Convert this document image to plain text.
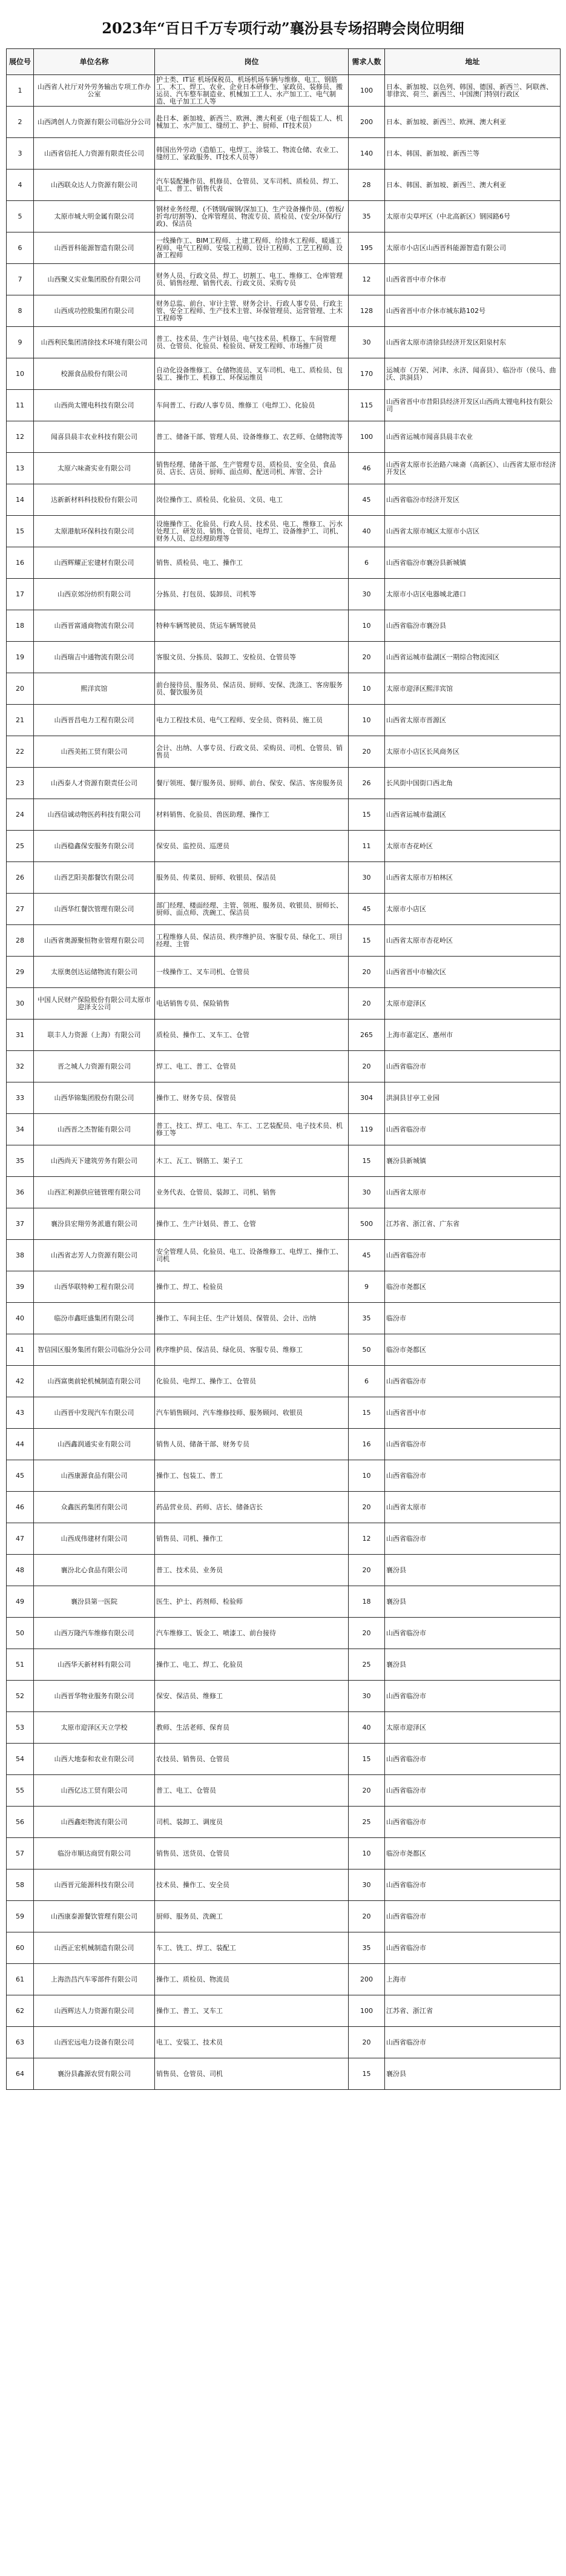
2023年“百日千万专项行动”襄汾县专场招聘会岗位明细
展位号	单位名称	岗位	需求人数	地址
1	山西省人社厅对外劳务输出专项工作办公室	护士类、IT证 机场保税员、机场机场车辆与维修、电工、钢筋工、木工、焊工、农业、企业日本研修生、家政员、装修员、搬运员、汽车整车制造业、机械加工工人、水产加工工、电气制造、电子加工工人等	100	日本、新加坡、以色列、韩国、德国、新西兰、阿联酋、菲律宾、荷兰、新西兰、中国澳门特别行政区
2	山西鸿创人力资源有限公司临汾分公司	赴日本、新加坡、新西兰、欧洲、澳大利亚（电子组装工人、机械加工、水产加工、缝纫工、护士、厨师、IT技术员）	200	日本、新加坡、新西兰、欧洲、澳大利亚
3	山西省信托人力资源有限责任公司	韩国出外劳动（造船工、电焊工、涂装工、物流仓储、农业工、缝纫工、家政服务、IT技术人员等）	140	日本、韩国、新加坡、新西兰等
4	山西联众达人力资源有限公司	汽车装配操作员、机修员、仓管员、叉车司机、质检员、焊工、电工、普工、销售代表	28	日本、韩国、新加坡、新西兰、澳大利亚
5	太原市城大明金属有限公司	钢材业务经理、(不锈钢/碳钢/深加工)、生产设备操作员、(剪板/折弯/切割等)、仓库管理员、物流专员、质检员、(安全/环保/行政)、保洁员	35	太原市尖草坪区（中北高新区）钢园路6号
6	山西晋科能源智造有限公司	一线操作工、BIM工程师、土建工程师、给排水工程师、暖通工程师、电气工程师、安装工程师、设计工程师、工艺工程师、设备工程师	195	太原市小店区山西晋科能源智造有限公司
7	山西聚义实业集团股份有限公司	财务人员、行政文员、焊工、切割工、电工、维修工、仓库管理员、销售经理、销售代表、行政文员、采购专员	12	山西省晋中市介休市
8	山西成功控股集团有限公司	财务总监、前台、审计主管、财务会计、行政人事专员、行政主管、安全工程师、生产技术主管、环保管理员、运营管理、土木工程师等	128	山西省晋中市介休市城东路102号
9	山西利民集团清徐技术环境有限公司	普工、技术员、生产计划员、电气技术员、机修工、车间管理员、仓管员、化验员、检验员、研发工程师、市场推广员	30	山西省太原市清徐县经济开发区阳泉村东
10	校源食品股份有限公司	自动化设备维修工、仓储物流员、叉车司机、电工、质检员、包装工、操作工、机修工、环保运维员	170	运城市（万荣、河津、永济、闻喜县）、临汾市（侯马、曲沃、洪洞县）
11	山西尚太锂电科技有限公司	车间普工、行政/人事专员、维修工（电焊工）、化验员	115	山西省晋中市昔阳县经济开发区山西尚太锂电科技有限公司
12	闻喜县晨丰农业科技有限公司	普工、储备干部、管理人员、设备维修工、农艺师、仓储物流等	100	山西省运城市闻喜县晨丰农业
13	太原六味斋实业有限公司	销售经理、储备干部、生产管理专员、质检员、安全员、食品员、店长、店员、厨师、面点师、配送司机、库管、会计	46	山西省太原市长治路六味斋（高新区）、山西省太原市经济开发区
14	达新新材料科技股份有限公司	岗位操作工、质检员、化验员、文员、电工	45	山西省临汾市经济开发区
15	太原港航环保科技有限公司	设施操作工、化验员、行政人员、技术员、电工、维修工、污水处理工、研发员、销售、仓管员、电焊工、设备维护工、司机、财务人员、总经理助理等	40	山西省太原市城区太原市小店区
16	山西辉耀正宏建材有限公司	销售、质检员、电工、操作工	6	山西省临汾市襄汾县新城镇
17	山西京郊汾纺织有限公司	分拣员、打包员、装卸员、司机等	30	太原市小店区电器城北港口
18	山西晋富通商物流有限公司	特种车辆驾驶员、货运车辆驾驶员	10	山西省临汾市襄汾县
19	山西瑞吉中通物流有限公司	客服文员、分拣员、装卸工、安检员、仓管员等	20	山西省运城市盐湖区一期综合物流园区
20	熙洋宾馆	前台接待员、服务员、保洁员、厨师、安保、洗涤工、客房服务员、餐饮服务员	10	太原市迎泽区熙洋宾馆
21	山西晋昌电力工程有限公司	电力工程技术员、电气工程师、安全员、资料员、施工员	10	山西省太原市晋源区
22	山西美拓工贸有限公司	会计、出纳、人事专员、行政文员、采购员、司机、仓管员、销售员	20	太原市小店区长风商务区
23	山西泰人才资源有限责任公司	餐厅领班、餐厅服务员、厨师、前台、保安、保洁、客房服务员	26	长风街中国街口西北角
24	山西信诚动物医药科技有限公司	材料销售、化验员、兽医助理、操作工	15	山西省运城市盐湖区
25	山西稳鑫保安服务有限公司	保安员、监控员、巡逻员	11	太原市杏花岭区
26	山西艺阳美都餐饮有限公司	服务员、传菜员、厨师、收银员、保洁员	30	山西省太原市万柏林区
27	山西华红餐饮管理有限公司	部门经理、楼面经理、主管、领班、服务员、收银员、厨师长、厨师、面点师、洗碗工、保洁员	45	太原市小店区
28	山西省奥源聚恒物业管理有限公司	工程维修人员、保洁员、秩序维护员、客服专员、绿化工、项目经理、主管	15	山西省太原市杏花岭区
29	太原奥创达运储物流有限公司	一线操作工、叉车司机、仓管员	20	山西省晋中市榆次区
30	中国人民财产保险股份有限公司太原市迎泽支公司	电话销售专员、保险销售	20	太原市迎泽区
31	联丰人力资源（上海）有限公司	质检员、操作工、叉车工、仓管	265	上海市嘉定区、惠州市
32	晋之城人力资源有限公司	焊工、电工、普工、仓管员	20	山西省临汾市
33	山西华锦集团股份有限公司	操作工、财务专员、保管员	304	洪洞县甘亭工业园
34	山西晋之杰智能有限公司	普工、技工、焊工、电工、车工、工艺装配员、电子技术员、机修工等	119	山西省临汾市
35	山西尚天下建筑劳务有限公司	木工、瓦工、钢筋工、架子工	15	襄汾县新城镇
36	山西汇利源供应链管理有限公司	业务代表、仓管员、装卸工、司机、销售	30	山西省太原市
37	襄汾县宏翔劳务派遣有限公司	操作工、生产计划员、普工、仓管	500	江苏省、浙江省、广东省
38	山西省志芳人力资源有限公司	安全管理人员、化验员、电工、设备维修工、电焊工、操作工、司机	45	山西省临汾市
39	山西华联特种工程有限公司	操作工、焊工、检验员	9	临汾市尧都区
40	临汾市鑫旺盛集团有限公司	操作工、车间主任、生产计划员、保管员、会计、出纳	35	临汾市
41	智信园区服务集团有限公司临汾分公司	秩序维护员、保洁员、绿化员、客服专员、维修工	50	临汾市尧都区
42	山西富奥前轮机械制造有限公司	化验员、电焊工、操作工、仓管员	6	山西省临汾市
43	山西晋中发现汽车有限公司	汽车销售顾问、汽车维修技师、服务顾问、收银员	15	山西省晋中市
44	山西鑫润通实业有限公司	销售人员、储备干部、财务专员	16	山西省临汾市
45	山西康源食品有限公司	操作工、包装工、普工	10	山西省临汾市
46	众鑫医药集团有限公司	药品营业员、药师、店长、储备店长	20	山西省太原市
47	山西成伟建材有限公司	销售员、司机、操作工	12	山西省临汾市
48	襄汾北心食品有限公司	普工、技术员、业务员	20	襄汾县
49	襄汾县第一医院	医生、护士、药剂师、检验师	18	襄汾县
50	山西万隆汽车维修有限公司	汽车维修工、钣金工、喷漆工、前台接待	20	山西省临汾市
51	山西华天新材料有限公司	操作工、电工、焊工、化验员	25	襄汾县
52	山西晋华物业服务有限公司	保安、保洁员、维修工	30	山西省临汾市
53	太原市迎泽区天立学校	教师、生活老师、保育员	40	太原市迎泽区
54	山西大地泰和农业有限公司	农技员、销售员、仓管员	15	山西省临汾市
55	山西亿达工贸有限公司	普工、电工、仓管员	20	山西省临汾市
56	山西鑫炬物流有限公司	司机、装卸工、调度员	25	山西省临汾市
57	临汾市顺达商贸有限公司	销售员、送货员、仓管员	10	临汾市尧都区
58	山西晋元能源科技有限公司	技术员、操作工、安全员	30	山西省临汾市
59	山西康泰源餐饮管理有限公司	厨师、服务员、洗碗工	20	山西省临汾市
60	山西正宏机械制造有限公司	车工、铣工、焊工、装配工	35	山西省临汾市
61	上海浩昌汽车零部件有限公司	操作工、质检员、物流员	200	上海市
62	山西辉达人力资源有限公司	操作工、普工、叉车工	100	江苏省、浙江省
63	山西宏远电力设备有限公司	电工、安装工、技术员	20	山西省临汾市
64	襄汾县鑫源农贸有限公司	销售员、仓管员、司机	15	襄汾县
